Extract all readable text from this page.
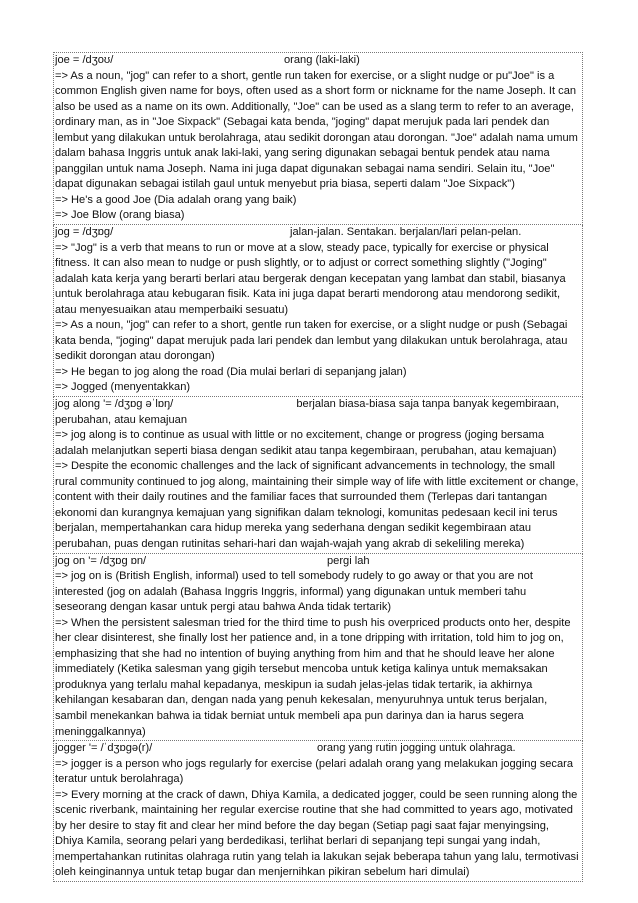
joe = /dʒoʊ/	orang (laki-laki)
=> As a noun, "jog" can refer to a short, gentle run taken for exercise, or a slight nudge or pu"Joe" is a common English given name for boys, often used as a short form or nickname for the name Joseph. It can also be used as a name on its own. Additionally, "Joe" can be used as a slang term to refer to an average, ordinary man, as in "Joe Sixpack" (Sebagai kata benda, "joging" dapat merujuk pada lari pendek dan lembut yang dilakukan untuk berolahraga, atau sedikit dorongan atau dorongan. "Joe" adalah nama umum dalam bahasa Inggris untuk anak laki-laki, yang sering digunakan sebagai bentuk pendek atau nama panggilan untuk nama Joseph. Nama ini juga dapat digunakan sebagai nama sendiri. Selain itu, "Joe" dapat digunakan sebagai istilah gaul untuk menyebut pria biasa, seperti dalam "Joe Sixpack")
=> He's a good Joe (Dia adalah orang yang baik)
=> Joe Blow (orang biasa)
jog = /dʒɒg/	jalan-jalan. Sentakan. berjalan/lari pelan-pelan.
=> "Jog" is a verb that means to run or move at a slow, steady pace, typically for exercise or physical fitness. It can also mean to nudge or push slightly, or to adjust or correct something slightly ("Joging" adalah kata kerja yang berarti berlari atau bergerak dengan kecepatan yang lambat dan stabil, biasanya untuk berolahraga atau kebugaran fisik. Kata ini juga dapat berarti mendorong atau mendorong sedikit, atau menyesuaikan atau memperbaiki sesuatu)
=> As a noun, "jog" can refer to a short, gentle run taken for exercise, or a slight nudge or push (Sebagai kata benda, "joging" dapat merujuk pada lari pendek dan lembut yang dilakukan untuk berolahraga, atau sedikit dorongan atau dorongan)
=> He began to jog along the road (Dia mulai berlari di sepanjang jalan)
=> Jogged (menyentakkan)
jog along '= /dʒɒg əˈlɒŋ/	berjalan biasa-biasa saja tanpa banyak kegembiraan, perubahan, atau kemajuan
=> jog along is to continue as usual with little or no excitement, change or progress (joging bersama adalah melanjutkan seperti biasa dengan sedikit atau tanpa kegembiraan, perubahan, atau kemajuan)
=> Despite the economic challenges and the lack of significant advancements in technology, the small rural community continued to jog along, maintaining their simple way of life with little excitement or change, content with their daily routines and the familiar faces that surrounded them (Terlepas dari tantangan ekonomi dan kurangnya kemajuan yang signifikan dalam teknologi, komunitas pedesaan kecil ini terus berjalan, mempertahankan cara hidup mereka yang sederhana dengan sedikit kegembiraan atau perubahan, puas dengan rutinitas sehari-hari dan wajah-wajah yang akrab di sekeliling mereka)
jog on '= /dʒɒg ɒn/	pergi lah
=> jog on is (British English, informal) used to tell somebody rudely to go away or that you are not interested (jog on adalah (Bahasa Inggris Inggris, informal) yang digunakan untuk memberi tahu seseorang dengan kasar untuk pergi atau bahwa Anda tidak tertarik)
=> When the persistent salesman tried for the third time to push his overpriced products onto her, despite her clear disinterest, she finally lost her patience and, in a tone dripping with irritation, told him to jog on, emphasizing that she had no intention of buying anything from him and that he should leave her alone immediately (Ketika salesman yang gigih tersebut mencoba untuk ketiga kalinya untuk memaksakan produknya yang terlalu mahal kepadanya, meskipun ia sudah jelas-jelas tidak tertarik, ia akhirnya kehilangan kesabaran dan, dengan nada yang penuh kekesalan, menyuruhnya untuk terus berjalan, sambil menekankan bahwa ia tidak berniat untuk membeli apa pun darinya dan ia harus segera meninggalkannya)
jogger '= /ˈdʒɒgə(r)/	orang yang rutin jogging untuk olahraga.
=> jogger is a person who jogs regularly for exercise (pelari adalah orang yang melakukan jogging secara teratur untuk berolahraga)
=> Every morning at the crack of dawn, Dhiya Kamila, a dedicated jogger, could be seen running along the scenic riverbank, maintaining her regular exercise routine that she had committed to years ago, motivated by her desire to stay fit and clear her mind before the day began (Setiap pagi saat fajar menyingsing, Dhiya Kamila, seorang pelari yang berdedikasi, terlihat berlari di sepanjang tepi sungai yang indah, mempertahankan rutinitas olahraga rutin yang telah ia lakukan sejak beberapa tahun yang lalu, termotivasi oleh keinginannya untuk tetap bugar dan menjernihkan pikiran sebelum hari dimulai)
